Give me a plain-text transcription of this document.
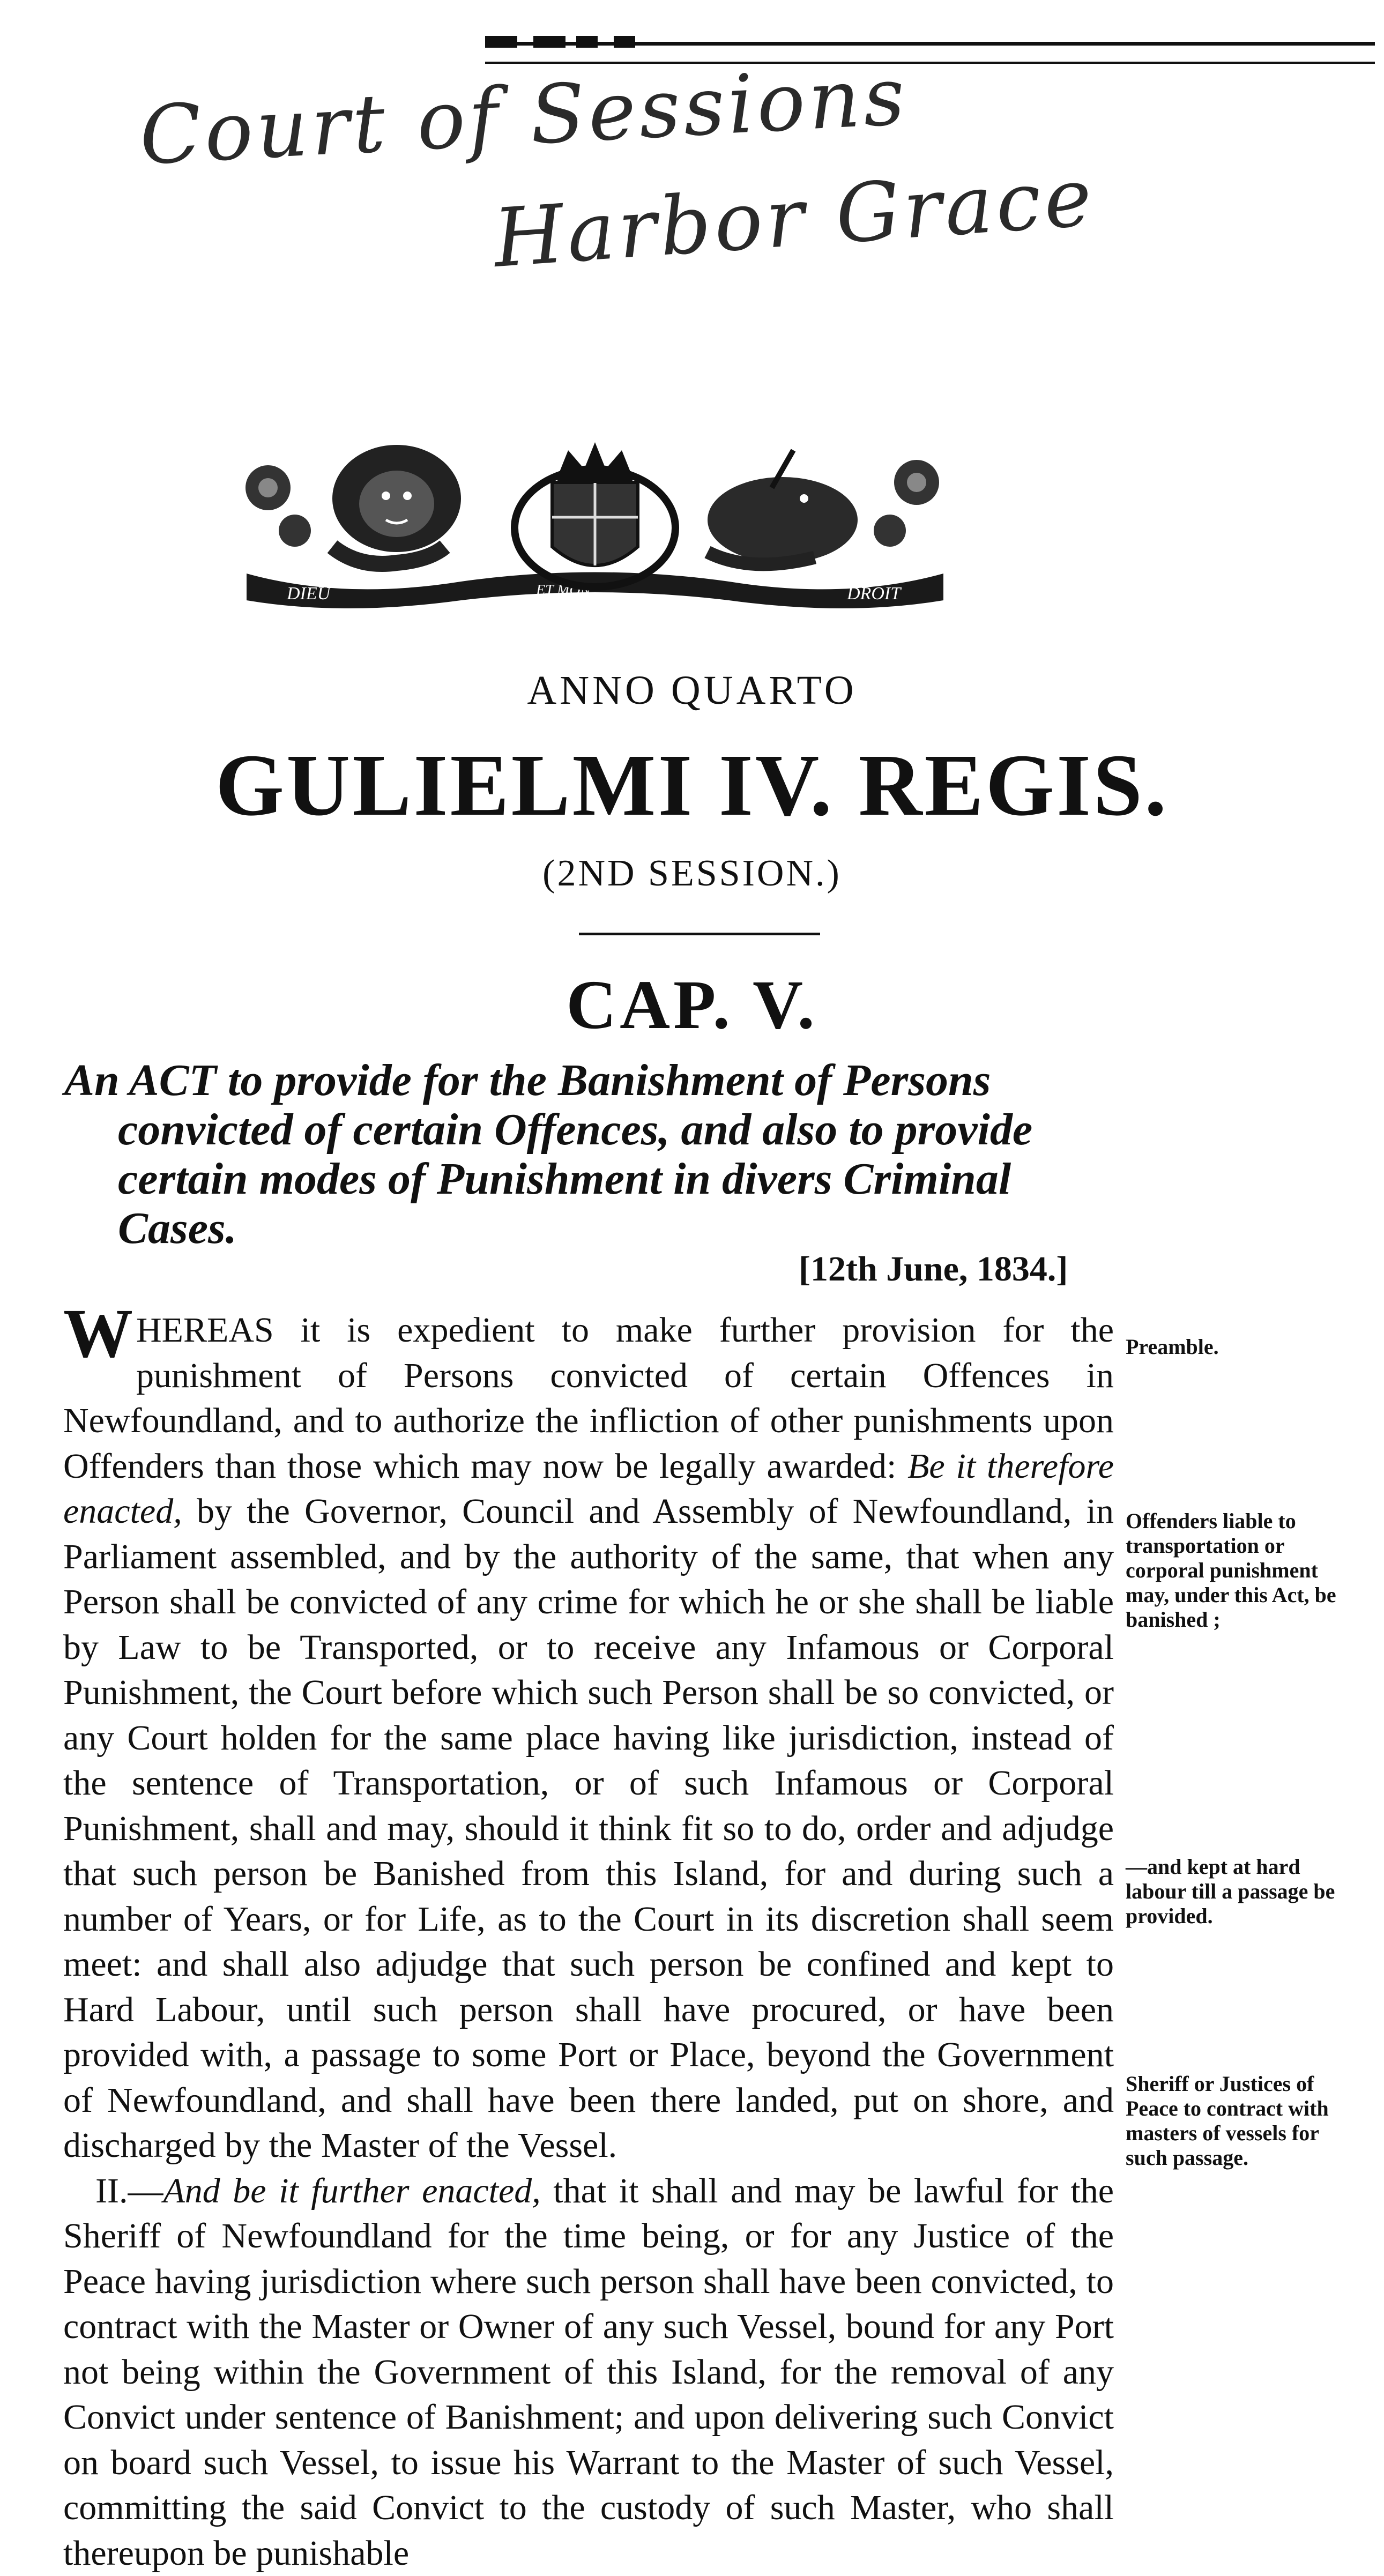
Court of Sessions
Harbor Grace
DIEU	ET MON	DROIT
ANNO QUARTO
GULIELMI IV. REGIS.
(2ND SESSION.)
CAP. V.
An ACT to provide for the Banishment of Persons
convicted of certain Offences, and also to provide
certain modes of Punishment in divers Criminal
Cases.
[12th June, 1834.]

WHEREAS it is expedient to make further provision for the punishment of Persons convicted of certain Offences in Newfoundland, and to authorize the infliction of other punishments upon Offenders than those which may now be legally awarded: Be it therefore enacted, by the Governor, Council and Assembly of Newfoundland, in Parliament assembled, and by the authority of the same, that when any Person shall be convicted of any crime for which he or she shall be liable by Law to be Transported, or to receive any Infamous or Corporal Punishment, the Court before which such Person shall be so convicted, or any Court holden for the same place having like jurisdiction, instead of the sentence of Transportation, or of such Infamous or Corporal Punishment, shall and may, should it think fit so to do, order and adjudge that such person be Banished from this Island, for and during such a number of Years, or for Life, as to the Court in its discretion shall seem meet: and shall also adjudge that such person be confined and kept to Hard Labour, until such person shall have procured, or have been provided with, a passage to some Port or Place, beyond the Government of Newfoundland, and shall have been there landed, put on shore, and discharged by the Master of the Vessel.

II.—And be it further enacted, that it shall and may be lawful for the Sheriff of Newfoundland for the time being, or for any Justice of the Peace having jurisdiction where such person shall have been convicted, to contract with the Master or Owner of any such Vessel, bound for any Port not being within the Government of this Island, for the removal of any Convict under sentence of Banishment; and upon delivering such Convict on board such Vessel, to issue his Warrant to the Master of such Vessel, committing the said Convict to the custody of such Master, who shall thereupon be punishable

Preamble.
Offenders liable to transportation or corporal punishment may, under this Act, be banished ;
—and kept at hard labour till a passage be provided.
Sheriff or Justices of Peace to contract with masters of vessels for such passage.
